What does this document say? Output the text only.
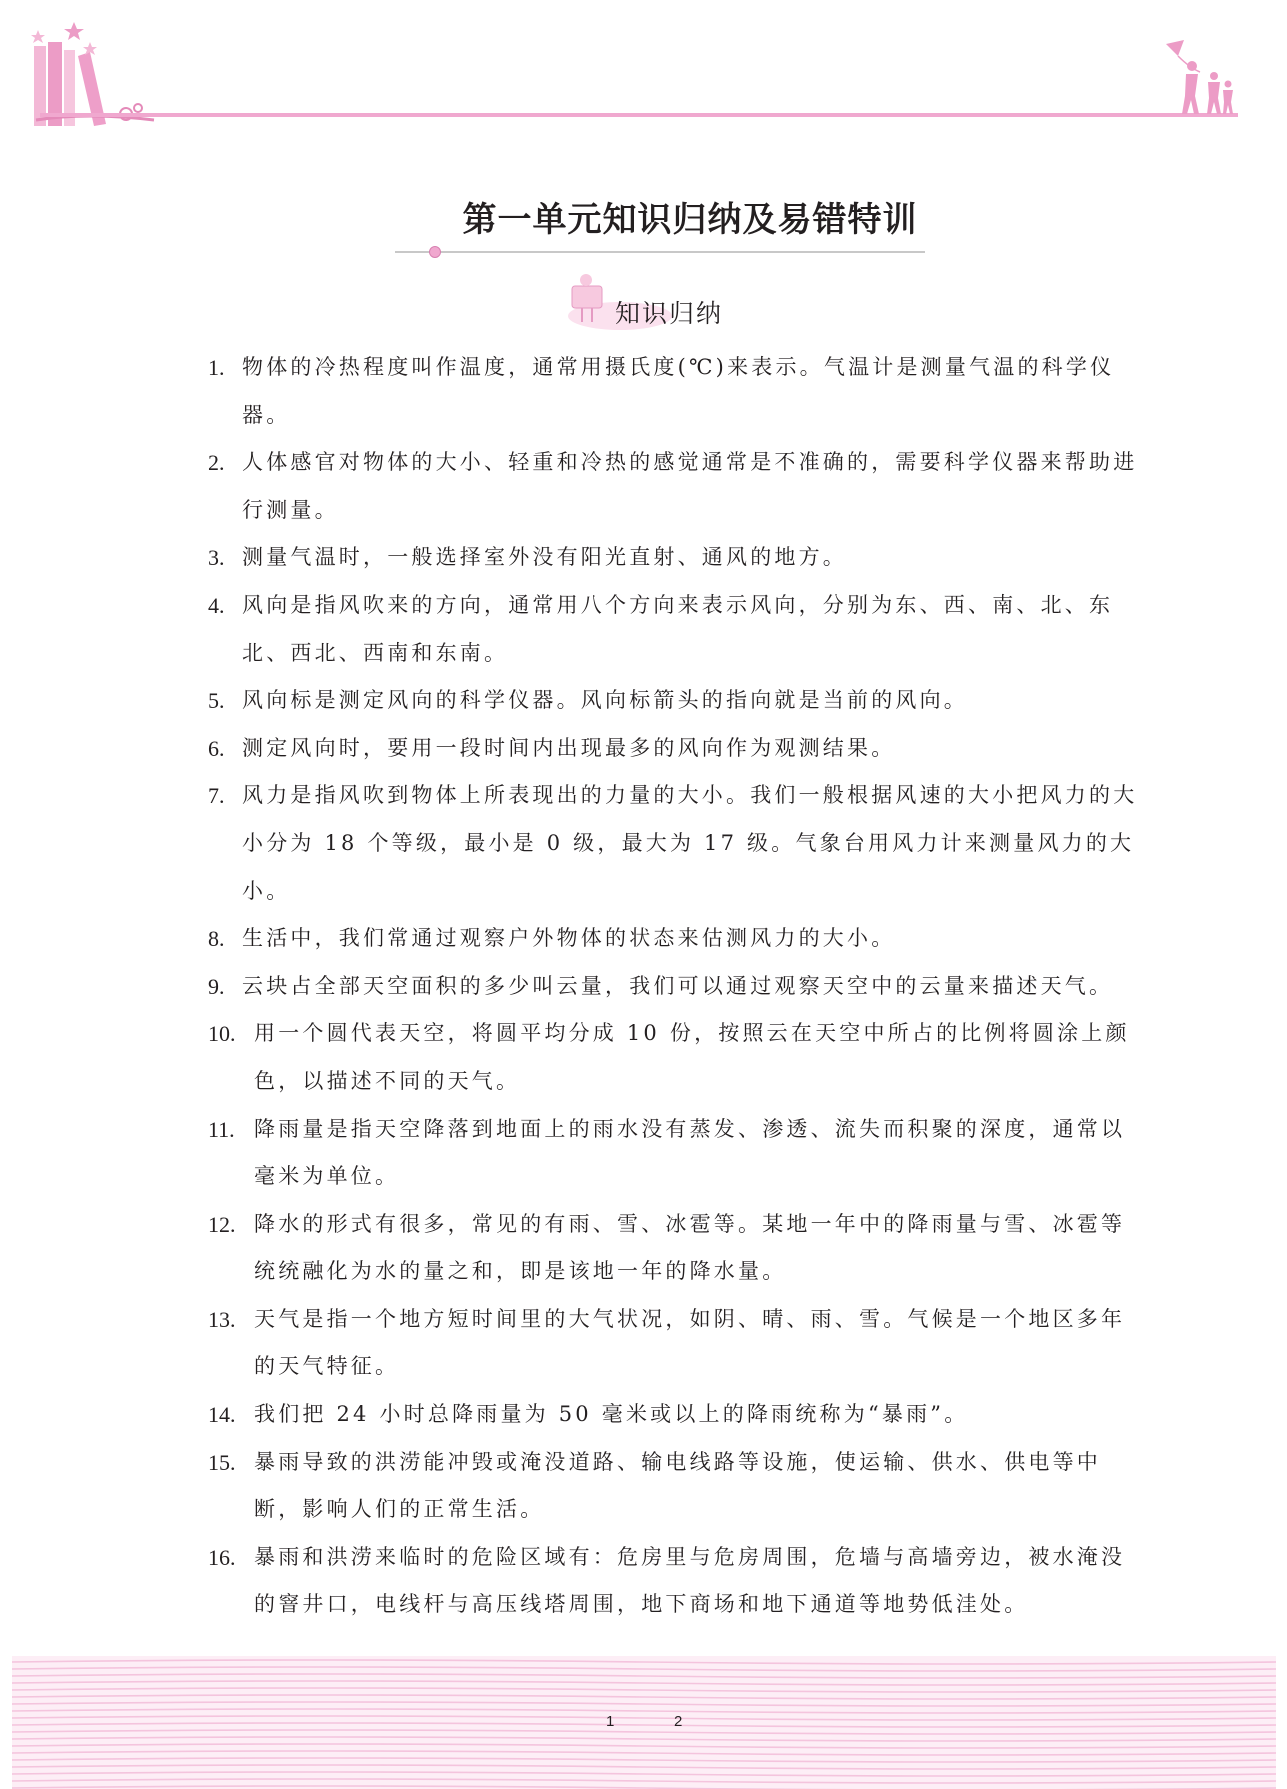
第一单元知识归纳及易错特训
知识归纳
1. 物体的冷热程度叫作温度，通常用摄氏度(℃)来表示。气温计是测量气温的科学仪器。
2. 人体感官对物体的大小、轻重和冷热的感觉通常是不准确的，需要科学仪器来帮助进行测量。
3. 测量气温时，一般选择室外没有阳光直射、通风的地方。
4. 风向是指风吹来的方向，通常用八个方向来表示风向，分别为东、西、南、北、东北、西北、西南和东南。
5. 风向标是测定风向的科学仪器。风向标箭头的指向就是当前的风向。
6. 测定风向时，要用一段时间内出现最多的风向作为观测结果。
7. 风力是指风吹到物体上所表现出的力量的大小。我们一般根据风速的大小把风力的大小分为 18 个等级，最小是 0 级，最大为 17 级。气象台用风力计来测量风力的大小。
8. 生活中，我们常通过观察户外物体的状态来估测风力的大小。
9. 云块占全部天空面积的多少叫云量，我们可以通过观察天空中的云量来描述天气。
10. 用一个圆代表天空，将圆平均分成 10 份，按照云在天空中所占的比例将圆涂上颜色，以描述不同的天气。
11. 降雨量是指天空降落到地面上的雨水没有蒸发、渗透、流失而积聚的深度，通常以毫米为单位。
12. 降水的形式有很多，常见的有雨、雪、冰雹等。某地一年中的降雨量与雪、冰雹等统统融化为水的量之和，即是该地一年的降水量。
13. 天气是指一个地方短时间里的大气状况，如阴、晴、雨、雪。气候是一个地区多年的天气特征。
14. 我们把 24 小时总降雨量为 50 毫米或以上的降雨统称为“暴雨”。
15. 暴雨导致的洪涝能冲毁或淹没道路、输电线路等设施，使运输、供水、供电等中断，影响人们的正常生活。
16. 暴雨和洪涝来临时的危险区域有：危房里与危房周围，危墙与高墙旁边，被水淹没的窨井口，电线杆与高压线塔周围，地下商场和地下通道等地势低洼处。
1	2
